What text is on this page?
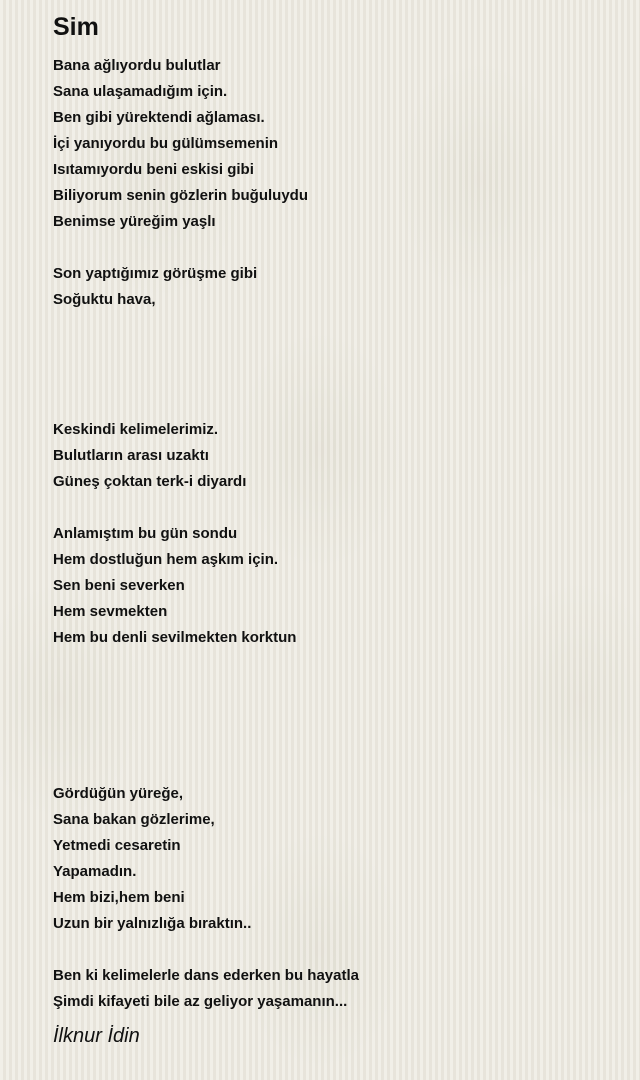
Sim
Bana ağlıyordu bulutlar
Sana ulaşamadığım için.
Ben gibi yürektendi ağlaması.
İçi yanıyordu bu gülümsemenin
Isıtamıyordu beni eskisi gibi
Biliyorum senin gözlerin buğuluydu
Benimse yüreğim yaşlı
Son yaptığımız görüşme gibi
Soğuktu hava,
Keskindi kelimelerimiz.
Bulutların arası uzaktı
Güneş çoktan terk-i diyardı
Anlamıştım bu gün sondu
Hem dostluğun hem aşkım için.
Sen beni severken
Hem sevmekten
Hem bu denli sevilmekten korktun
Gördüğün yüreğe,
Sana bakan gözlerime,
Yetmedi cesaretin
Yapamadın.
Hem bizi,hem beni
Uzun bir yalnızlığa bıraktın..
Ben ki kelimelerle dans ederken bu hayatla
Şimdi kifayeti bile az geliyor yaşamanın...
İlknur İdin
